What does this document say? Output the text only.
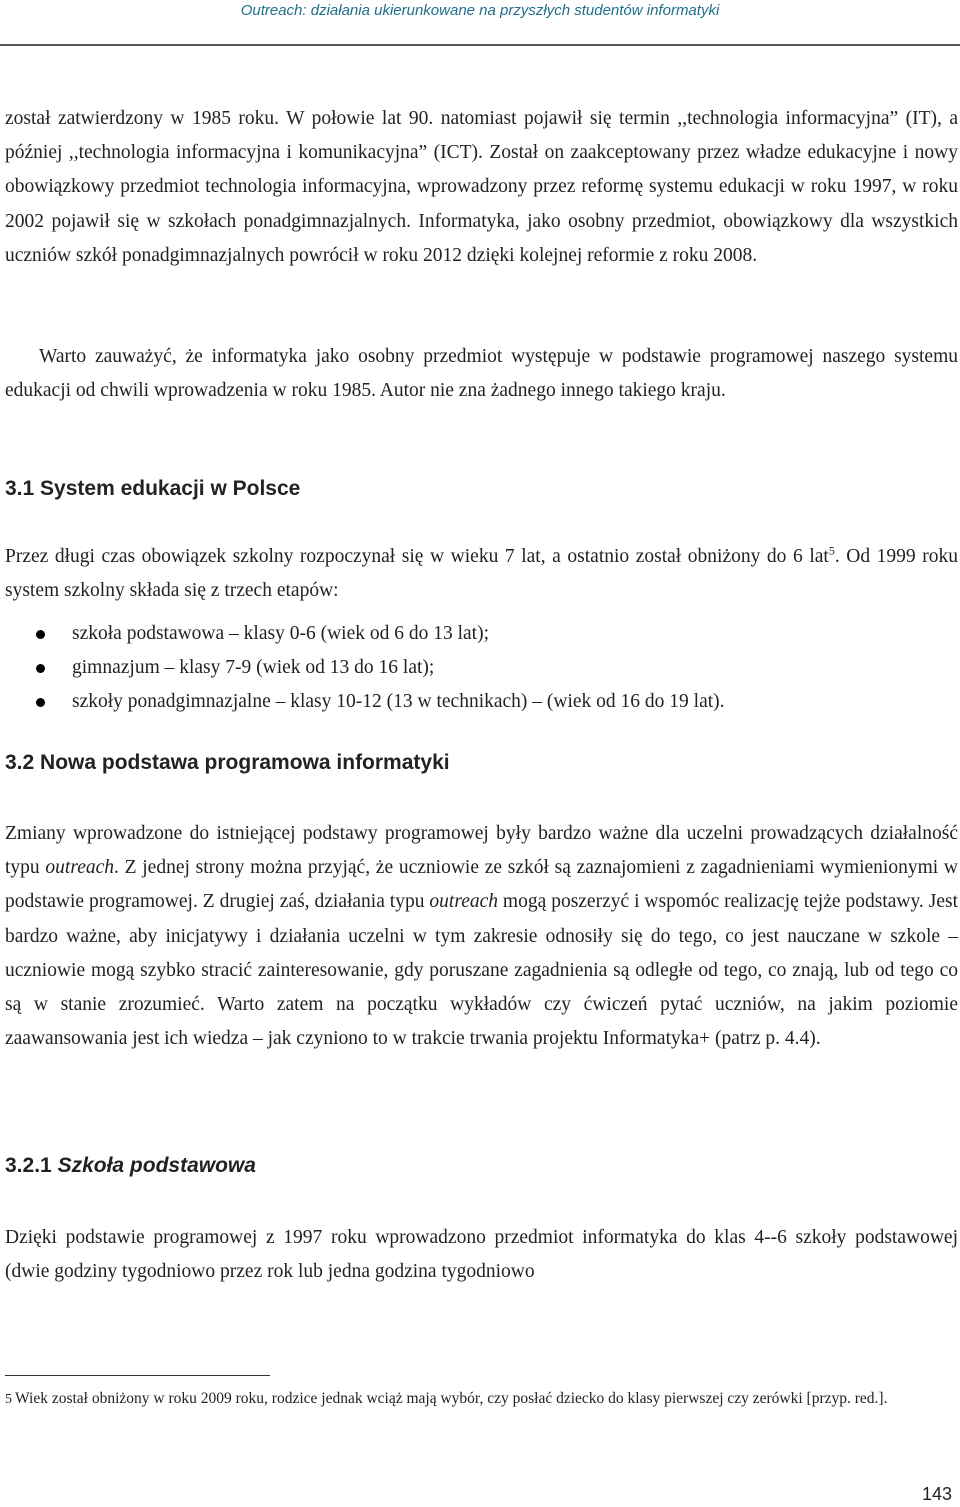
Outreach: działania ukierunkowane na przyszłych studentów informatyki

został zatwierdzony w 1985 roku. W połowie lat 90. natomiast pojawił się termin ,,technologia informacyjna” (IT), a później ,,technologia informacyjna i komunikacyjna” (ICT). Został on zaakceptowany przez władze edukacyjne i nowy obowiązkowy przedmiot technologia informacyjna, wprowadzony przez reformę systemu edukacji w roku 1997, w roku 2002 pojawił się w szkołach ponadgimnazjalnych. Informatyka, jako osobny przedmiot, obowiązkowy dla wszystkich uczniów szkół ponadgimnazjalnych powrócił w roku 2012 dzięki kolejnej reformie z roku 2008.

Warto zauważyć, że informatyka jako osobny przedmiot występuje w podstawie programowej naszego systemu edukacji od chwili wprowadzenia w roku 1985. Autor nie zna żadnego innego takiego kraju.

3.1 System edukacji w Polsce

Przez długi czas obowiązek szkolny rozpoczynał się w wieku 7 lat, a ostatnio został obniżony do 6 lat$^5$. Od 1999 roku system szkolny składa się z trzech etapów:

szkoła podstawowa – klasy 0-6 (wiek od 6 do 13 lat);
gimnazjum – klasy 7-9 (wiek od 13 do 16 lat);
szkoły ponadgimnazjalne – klasy 10-12 (13 w technikach) – (wiek od 16 do 19 lat).
3.2 Nowa podstawa programowa informatyki

Zmiany wprowadzone do istniejącej podstawy programowej były bardzo ważne dla uczelni prowadzących działalność typu outreach. Z jednej strony można przyjąć, że uczniowie ze szkół są zaznajomieni z zagadnieniami wymienionymi w podstawie programowej. Z drugiej zaś, działania typu outreach mogą poszerzyć i wspomóc realizację tejże podstawy. Jest bardzo ważne, aby inicjatywy i działania uczelni w tym zakresie odnosiły się do tego, co jest nauczane w szkole – uczniowie mogą szybko stracić zainteresowanie, gdy poruszane zagadnienia są odległe od tego, co znają, lub od tego co są w stanie zrozumieć. Warto zatem na początku wykładów czy ćwiczeń pytać uczniów, na jakim poziomie zaawansowania jest ich wiedza – jak czyniono to w trakcie trwania projektu Informatyka+ (patrz p. 4.4).

3.2.1 Szkoła podstawowa

Dzięki podstawie programowej z 1997 roku wprowadzono przedmiot informatyka do klas 4--6 szkoły podstawowej (dwie godziny tygodniowo przez rok lub jedna godzina tygodniowo

5 Wiek został obniżony w roku 2009 roku, rodzice jednak wciąż mają wybór, czy posłać dziecko do klasy pierwszej czy zerówki [przyp. red.].

143
